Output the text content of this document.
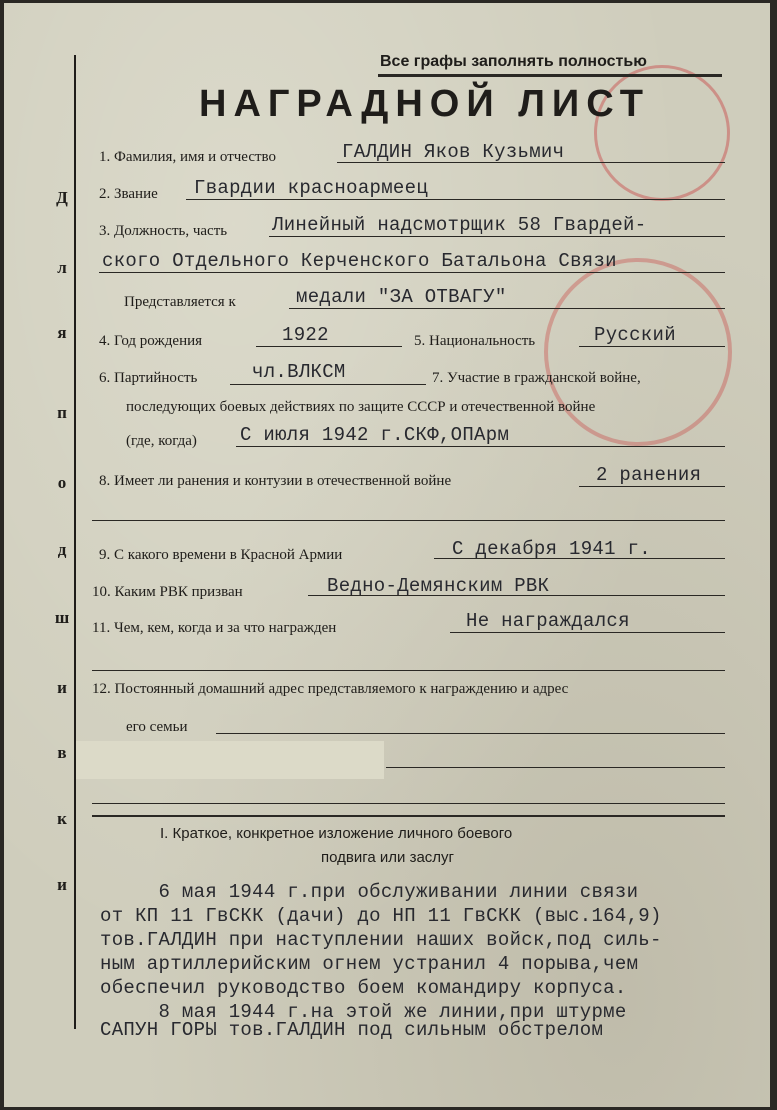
Д
л
я
п
о
д
ш
и
в
к
и
Все графы заполнять полностью
НАГРАДНОЙ ЛИСТ
1. Фамилия, имя и отчество	ГАЛДИН Яков Кузьмич
2. Звание Гвардии красноармеец
3. Должность, часть Линейный надсмотрщик 58 Гвардей-
ского Отдельного Керченского Батальона Связи
Представляется к	медали "ЗА ОТВАГУ"
4. Год рождения	1922	5. Национальность	Русский
6. Партийность	чл.ВЛКСМ	7. Участие в гражданской войне,
последующих боевых действиях по защите СССР и отечественной войне
(где, когда) С июля 1942 г.СКФ,ОПАрм
8. Имеет ли ранения и контузии в отечественной войне	2 ранения
9. С какого времени в Красной Армии	С декабря 1941 г.
10. Каким РВК призван	Ведно-Демянским РВК
11. Чем, кем, когда и за что награжден	Не награждался
12. Постоянный домашний адрес представляемого к награждению и адрес
его семьи
I. Краткое, конкретное изложение личного боевого
подвига или заслуг
6 мая 1944 г.при обслуживании линии связи
от КП 11 ГвСКК (дачи) до НП 11 ГвСКК (выс.164,9)
тов.ГАЛДИН при наступлении наших войск,под силь-
ным артиллерийским огнем устранил 4 порыва,чем
обеспечил руководство боем командиру корпуса.
8 мая 1944 г.на этой же линии,при штурме
САПУН ГОРЫ тов.ГАЛДИН под сильным обстрелом
